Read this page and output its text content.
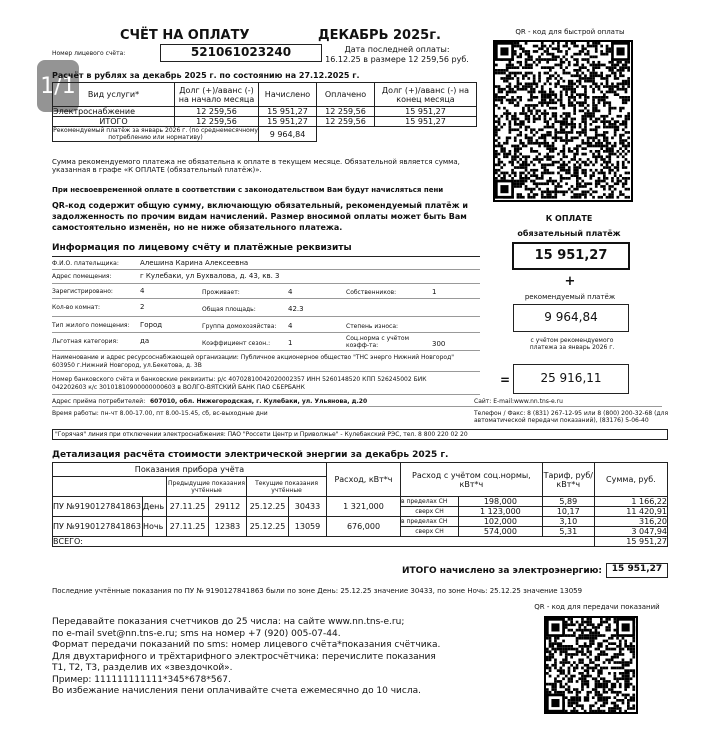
СЧЁТ НА ОПЛАТУ	ДЕКАБРЬ 2025г.
Номер лицевого счёта:	521061023240	Дата последней оплаты:
16.12.25 в размере 12 259,56 руб.
QR - код для быстрой оплаты
1/1
Расчёт в рублях за декабрь 2025 г. по состоянию на 27.12.2025 г.
Вид услуги*	Долг (+)/аванс (-) на начало месяца	Начислено	Оплачено	Долг (+)/аванс (-) на конец месяца
Электроснабжение	12 259,56	15 951,27	12 259,56	15 951,27
ИТОГО	12 259,56	15 951,27	12 259,56	15 951,27
Рекомендуемый платёж за январь 2026 г. (по среднемесячному потреблению или нормативу)		9 964,84		
Сумма рекомендуемого платежа не обязательна к оплате в текущем месяце. Обязательной является сумма, указанная в графе «К ОПЛАТЕ (обязательный платёж)».
При несвоевременной оплате в соответствии с законодательством Вам будут начисляться пени
QR-код содержит общую сумму, включающую обязательный, рекомендуемый платёж и задолженность по прочим видам начислений. Размер вносимой оплаты может быть Вам самостоятельно изменён, но не ниже обязательного платежа.
К ОПЛАТЕ
обязательный платёж
15 951,27
+
рекомендуемый платёж
9 964,84
с учётом рекомендуемого платежа за январь 2026 г.
=	25 916,11
Информация по лицевому счёту и платёжные реквизиты
Ф.И.О. плательщика:	Алешина Карина Алексеевна
Адрес помещения:	г Кулебаки, ул Бухвалова, д. 43, кв. 3
Зарегистрировано:	4	Проживает:	4	Собственников:	1
Кол-во комнат:	2	Общая площадь:	42.3
Тип жилого помещения: Город	Группа домохозяйства: 4	Степень износа:
Льготная категория:	да	Коэффициент сезон.:	1
Соц.норма с учётом коэфф-та:	300
Наименование и адрес ресурсоснабжающей организации: Публичное акционерное общество "ТНС энерго Нижний Новгород"
603950 г.Нижний Новгород, ул.Бекетова, д. 3В
Номер банковского счёта и банковские реквизиты: р/с 40702810042020002357 ИНН 5260148520 КПП 526245002 БИК
042202603 к/с 30101810900000000603 в ВОЛГО-ВЯТСКИЙ БАНК ПАО СБЕРБАНК
Адрес приёма потребителей: 607010, обл. Нижегородская, г. Кулебаки, ул. Ульянова, д.20	Сайт: E-mail:www.nn.tns-e.ru
Время работы: пн-чт 8.00-17.00, пт 8.00-15.45, сб, вс-выходные дни	Телефон / Факс: 8 (831) 267-12-95 или 8 (800) 200-32-68 (для автоматической передачи показаний), (83176) 5-06-40
"Горячая" линия при отключении электроснабжения: ПАО "Россети Центр и Приволжье" - Кулебакский РЭС, тел. 8 800 220 02 20
Детализация расчёта стоимости электрической энергии за декабрь 2025 г.
Показания прибора учёта						Расход, кВт*ч	Расход с учётом соц.нормы, кВт*ч		Тариф, руб/кВт*ч	Сумма, руб.
		Предыдущие показания учтённые		Текущие показания учтённые						
ПУ №9190127841863	День	27.11.25	29112	25.12.25	30433	1 321,000	в пределах СН	198,000	5,89	1 166,22
							сверх СН	1 123,000	10,17	11 420,91
ПУ №9190127841863	Ночь	27.11.25	12383	25.12.25	13059	676,000	в пределах СН	102,000	3,10	316,20
							сверх СН	574,000	5,31	3 047,94
ВСЕГО:										15 951,27
ИТОГО начислено за электроэнергию:	15 951,27
Последние учтённые показания по ПУ № 9190127841863 были по зоне День: 25.12.25 значение 30433, по зоне Ночь: 25.12.25 значение 13059
QR - код для передачи показаний
Передавайте показания счетчиков до 25 числа: на сайте www.nn.tns-e.ru;
по e-mail svet@nn.tns-e.ru; sms на номер +7 (920) 005-07-44.
Формат передачи показаний по sms: номер лицевого счёта*показания счётчика.
Для двухтарифного и трёхтарифного электросчётчика: перечислите показания
Т1, Т2, Т3, разделив их «звездочкой».
Пример: 111111111111*345*678*567.
Во избежание начисления пени оплачивайте счета ежемесячно до 10 числа.
